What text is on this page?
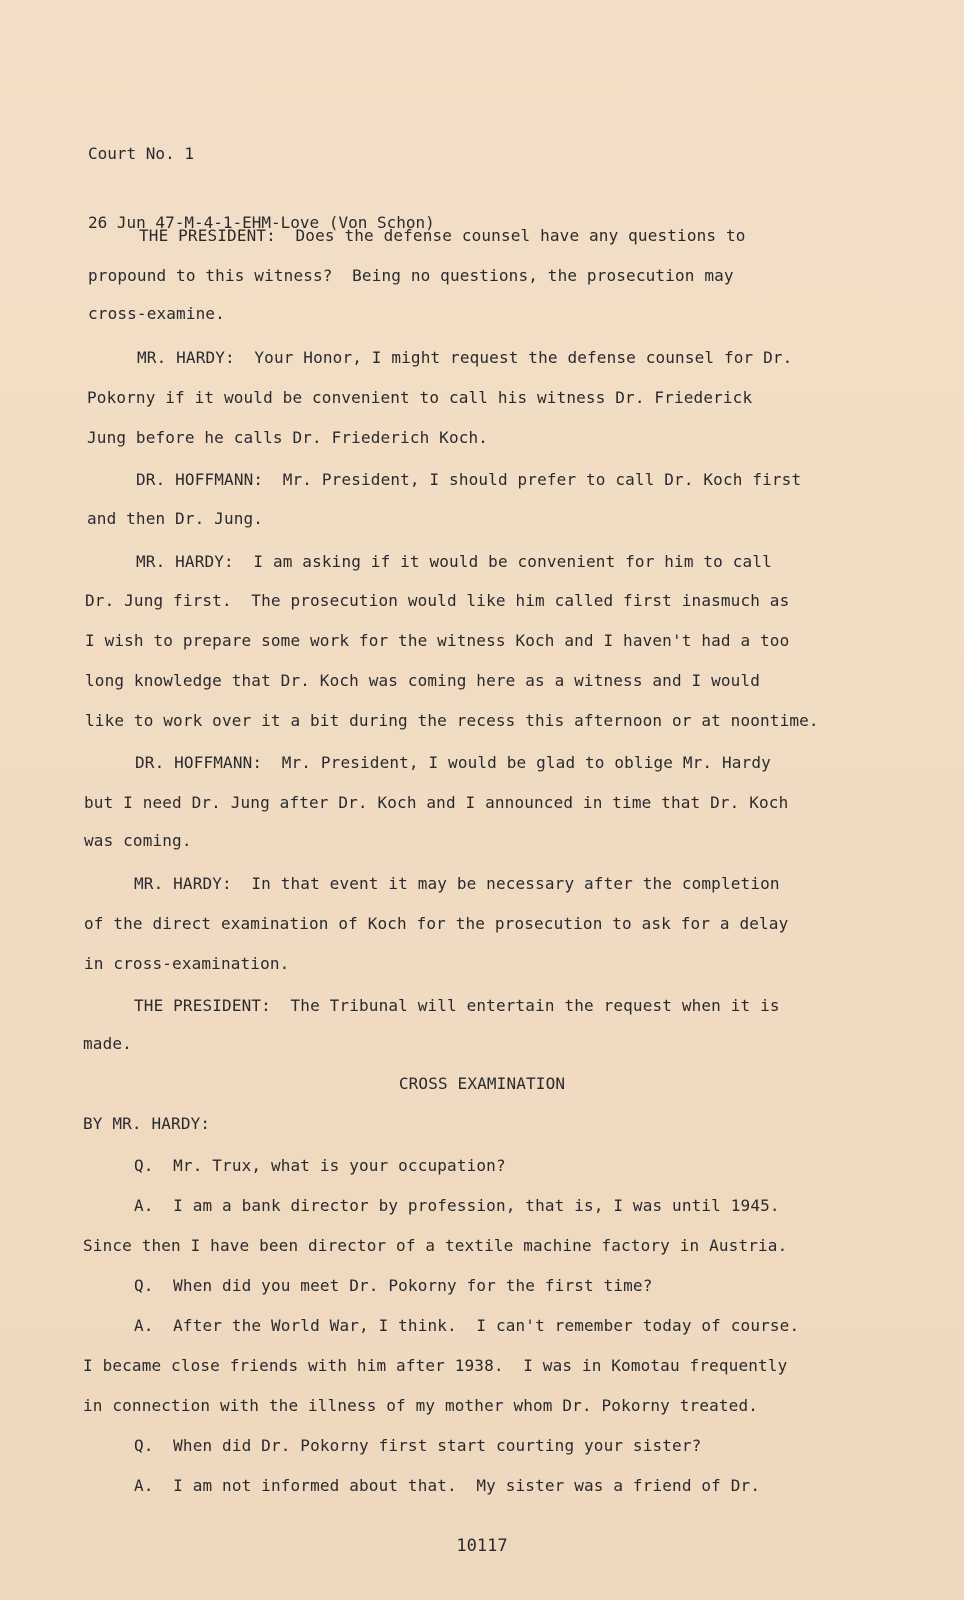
Court No. 1

26 Jun 47-M-4-1-EHM-Love (Von Schon)

THE PRESIDENT:  Does the defense counsel have any questions to
propound to this witness?  Being no questions, the prosecution may
cross-examine.
MR. HARDY:  Your Honor, I might request the defense counsel for Dr.
Pokorny if it would be convenient to call his witness Dr. Friederick
Jung before he calls Dr. Friederich Koch.
DR. HOFFMANN:  Mr. President, I should prefer to call Dr. Koch first
and then Dr. Jung.
MR. HARDY:  I am asking if it would be convenient for him to call
Dr. Jung first.  The prosecution would like him called first inasmuch as
I wish to prepare some work for the witness Koch and I haven't had a too
long knowledge that Dr. Koch was coming here as a witness and I would
like to work over it a bit during the recess this afternoon or at noontime.
DR. HOFFMANN:  Mr. President, I would be glad to oblige Mr. Hardy
but I need Dr. Jung after Dr. Koch and I announced in time that Dr. Koch
was coming.
MR. HARDY:  In that event it may be necessary after the completion
of the direct examination of Koch for the prosecution to ask for a delay
in cross-examination.
THE PRESIDENT:  The Tribunal will entertain the request when it is
made.
CROSS EXAMINATION
BY MR. HARDY:
Q.  Mr. Trux, what is your occupation?
A.  I am a bank director by profession, that is, I was until 1945.
Since then I have been director of a textile machine factory in Austria.
Q.  When did you meet Dr. Pokorny for the first time?
A.  After the World War, I think.  I can't remember today of course.
I became close friends with him after 1938.  I was in Komotau frequently
in connection with the illness of my mother whom Dr. Pokorny treated.
Q.  When did Dr. Pokorny first start courting your sister?
A.  I am not informed about that.  My sister was a friend of Dr.
10117
